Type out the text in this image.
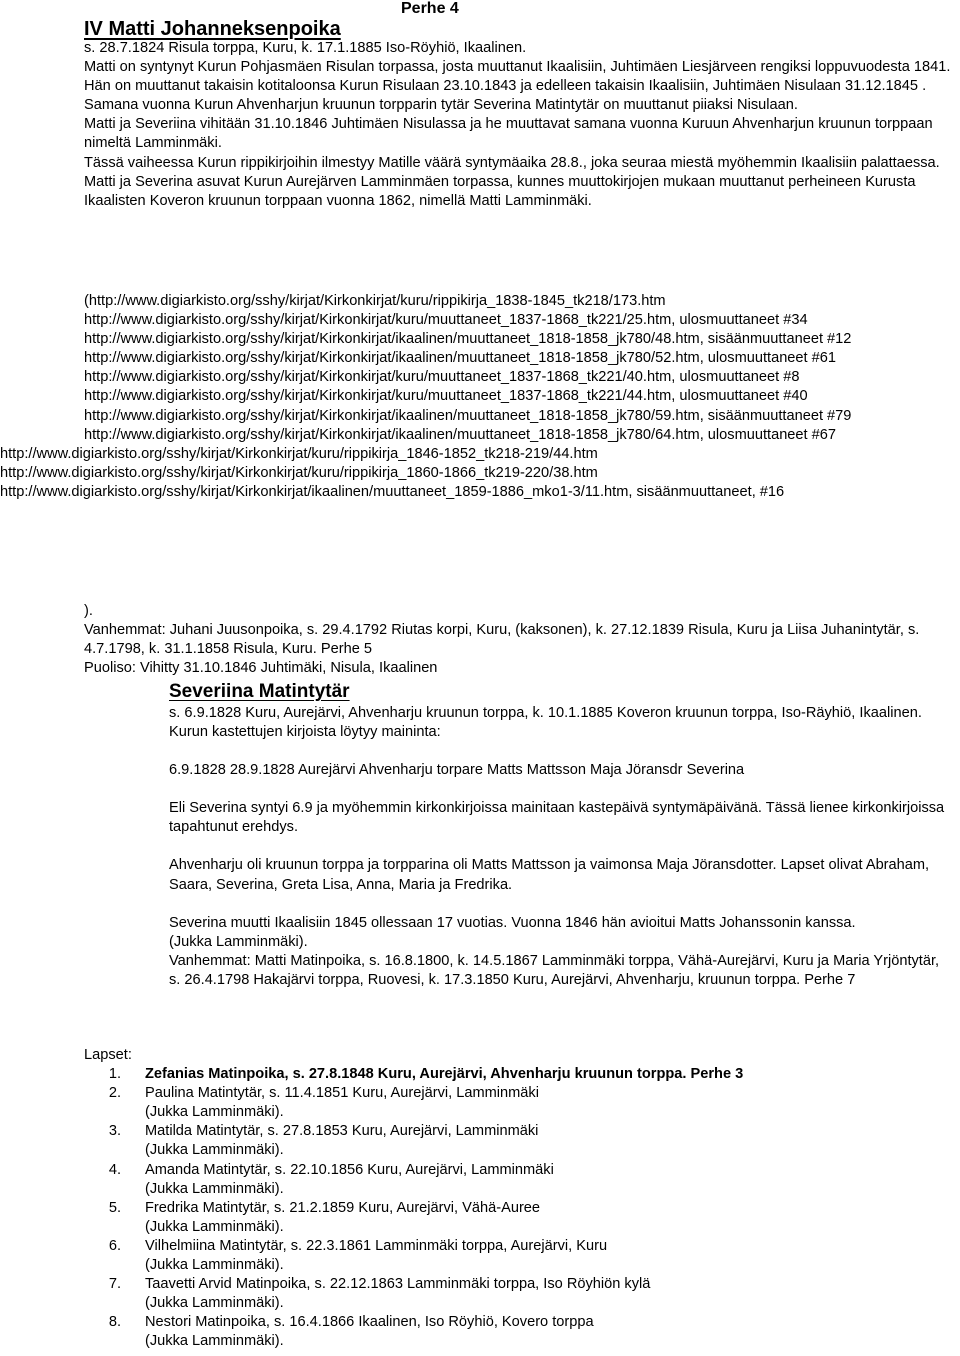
Perhe 4
IV Matti Johanneksenpoika

s. 28.7.1824 Risula torppa, Kuru, k. 17.1.1885 Iso-Röyhiö, Ikaalinen.

Matti on syntynyt Kurun Pohjasmäen Risulan torpassa, josta muuttanut Ikaalisiin, Juhtimäen Liesjärveen rengiksi loppuvuodesta 1841.

Hän on muuttanut takaisin kotitaloonsa Kurun Risulaan 23.10.1843 ja edelleen takaisin Ikaalisiin, Juhtimäen Nisulaan 31.12.1845 .

Samana vuonna Kurun Ahvenharjun kruunun torpparin tytär Severina Matintytär on muuttanut piiaksi Nisulaan.

Matti ja Severiina vihitään 31.10.1846 Juhtimäen Nisulassa ja he muuttavat samana vuonna Kuruun Ahvenharjun kruunun torppaan nimeltä Lamminmäki.

Tässä vaiheessa Kurun rippikirjoihin ilmestyy Matille väärä syntymäaika 28.8., joka seuraa miestä myöhemmin Ikaalisiin palattaessa.

Matti ja Severina asuvat Kurun Aurejärven Lamminmäen torpassa, kunnes muuttokirjojen mukaan muuttanut perheineen Kurusta Ikaalisten Koveron kruunun torppaan vuonna 1862, nimellä Matti Lamminmäki.

(http://www.digiarkisto.org/sshy/kirjat/Kirkonkirjat/kuru/rippikirja_1838-1845_tk218/173.htm

http://www.digiarkisto.org/sshy/kirjat/Kirkonkirjat/kuru/muuttaneet_1837-1868_tk221/25.htm, ulosmuuttaneet #34

http://www.digiarkisto.org/sshy/kirjat/Kirkonkirjat/ikaalinen/muuttaneet_1818-1858_jk780/48.htm, sisäänmuuttaneet #12

http://www.digiarkisto.org/sshy/kirjat/Kirkonkirjat/ikaalinen/muuttaneet_1818-1858_jk780/52.htm, ulosmuuttaneet #61

http://www.digiarkisto.org/sshy/kirjat/Kirkonkirjat/kuru/muuttaneet_1837-1868_tk221/40.htm, ulosmuuttaneet #8

http://www.digiarkisto.org/sshy/kirjat/Kirkonkirjat/kuru/muuttaneet_1837-1868_tk221/44.htm, ulosmuuttaneet #40

http://www.digiarkisto.org/sshy/kirjat/Kirkonkirjat/ikaalinen/muuttaneet_1818-1858_jk780/59.htm, sisäänmuuttaneet #79

http://www.digiarkisto.org/sshy/kirjat/Kirkonkirjat/ikaalinen/muuttaneet_1818-1858_jk780/64.htm, ulosmuuttaneet #67

http://www.digiarkisto.org/sshy/kirjat/Kirkonkirjat/kuru/rippikirja_1846-1852_tk218-219/44.htm

http://www.digiarkisto.org/sshy/kirjat/Kirkonkirjat/kuru/rippikirja_1860-1866_tk219-220/38.htm

http://www.digiarkisto.org/sshy/kirjat/Kirkonkirjat/ikaalinen/muuttaneet_1859-1886_mko1-3/11.htm, sisäänmuuttaneet, #16

).

Vanhemmat: Juhani Juusonpoika, s. 29.4.1792 Riutas korpi, Kuru, (kaksonen), k. 27.12.1839 Risula, Kuru ja Liisa Juhanintytär, s. 4.7.1798, k. 31.1.1858 Risula, Kuru. Perhe 5

Puoliso: Vihitty 31.10.1846 Juhtimäki, Nisula, Ikaalinen

Severiina Matintytär

s. 6.9.1828 Kuru, Aurejärvi, Ahvenharju kruunun torppa, k. 10.1.1885 Koveron kruunun torppa, Iso-Räyhiö, Ikaalinen.

Kurun kastettujen kirjoista löytyy maininta:

6.9.1828 28.9.1828 Aurejärvi Ahvenharju torpare Matts Mattsson Maja Jöransdr Severina

Eli Severina syntyi 6.9 ja myöhemmin kirkonkirjoissa mainitaan kastepäivä syntymäpäivänä. Tässä lienee kirkonkirjoissa tapahtunut erehdys.

Ahvenharju oli kruunun torppa ja torpparina oli Matts Mattsson ja vaimonsa Maja Jöransdotter. Lapset olivat Abraham, Saara, Severina, Greta Lisa, Anna, Maria ja Fredrika.

Severina muutti Ikaalisiin 1845 ollessaan 17 vuotias. Vuonna 1846 hän avioitui Matts Johanssonin kanssa.

(Jukka Lamminmäki).

Vanhemmat: Matti Matinpoika, s. 16.8.1800, k. 14.5.1867 Lamminmäki torppa, Vähä-Aurejärvi, Kuru ja Maria Yrjöntytär, s. 26.4.1798 Hakajärvi torppa, Ruovesi, k. 17.3.1850 Kuru, Aurejärvi, Ahvenharju, kruunun torppa. Perhe 7

Lapset:

1.	Zefanias Matinpoika, s. 27.8.1848 Kuru, Aurejärvi, Ahvenharju kruunun torppa. Perhe 3
2.	Paulina Matintytär, s. 11.4.1851 Kuru, Aurejärvi, Lamminmäki
(Jukka Lamminmäki).
3.	Matilda Matintytär, s. 27.8.1853 Kuru, Aurejärvi, Lamminmäki
(Jukka Lamminmäki).
4.	Amanda Matintytär, s. 22.10.1856 Kuru, Aurejärvi, Lamminmäki
(Jukka Lamminmäki).
5.	Fredrika Matintytär, s. 21.2.1859 Kuru, Aurejärvi, Vähä-Auree
(Jukka Lamminmäki).
6.	Vilhelmiina Matintytär, s. 22.3.1861 Lamminmäki torppa, Aurejärvi, Kuru
(Jukka Lamminmäki).
7.	Taavetti Arvid Matinpoika, s. 22.12.1863 Lamminmäki torppa, Iso Röyhiön kylä
(Jukka Lamminmäki).
8.	Nestori Matinpoika, s. 16.4.1866 Ikaalinen, Iso Röyhiö, Kovero torppa
(Jukka Lamminmäki).
